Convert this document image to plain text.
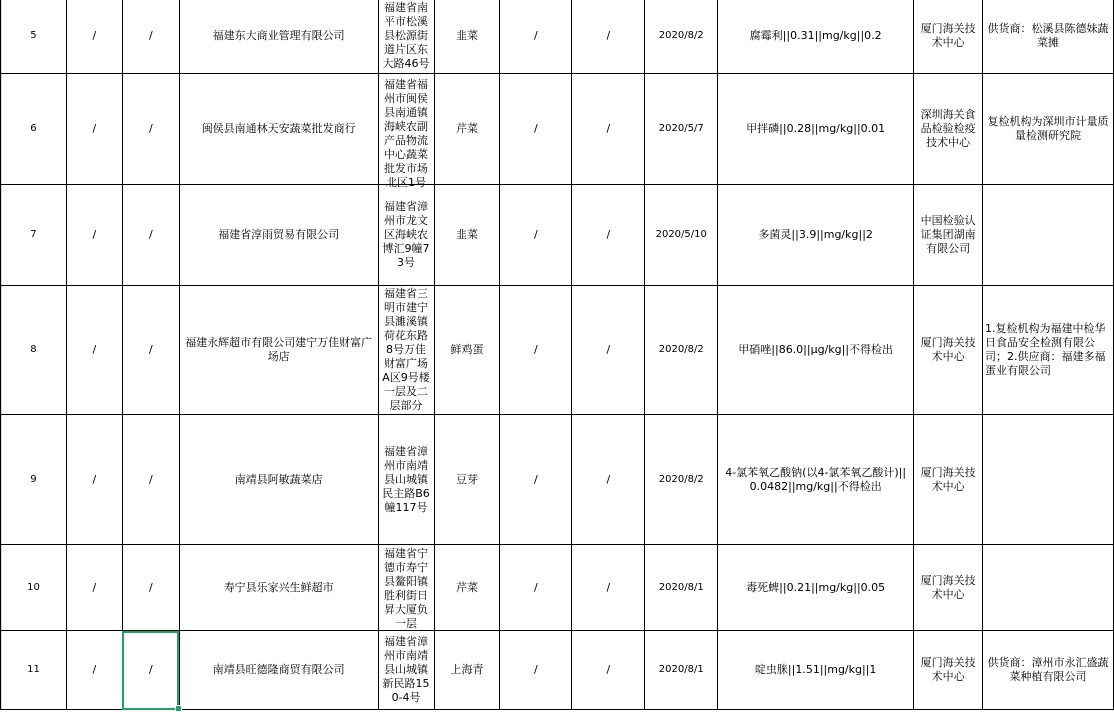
5	/	/	福建东大商业管理有限公司	福建省南平市松溪县松源街道片区东大路46号	韭菜	/	/	2020/8/2	腐霉利||0.31||mg/kg||0.2	厦门海关技术中心	供货商：松溪县陈德妹蔬菜摊
6	/	/	闽侯县南通林天安蔬菜批发商行	福建省福州市闽侯县南通镇海峡农副产品物流中心蔬菜批发市场北区1号	芹菜	/	/	2020/5/7	甲拌磷||0.28||mg/kg||0.01	深圳海关食品检验检疫技术中心	复检机构为深圳市计量质量检测研究院
7	/	/	福建省淳雨贸易有限公司	福建省漳州市龙文区海峡农博汇9幢73号	韭菜	/	/	2020/5/10	多菌灵||3.9||mg/kg||2	中国检验认证集团湖南有限公司	
8	/	/	福建永辉超市有限公司建宁万佳财富广场店	福建省三明市建宁县濉溪镇荷花东路8号万佳财富广场A区9号楼一层及二层部分	鲜鸡蛋	/	/	2020/8/2	甲硝唑||86.0||μg/kg||不得检出	厦门海关技术中心	1.复检机构为福建中检华日食品安全检测有限公司；2.供应商：福建多福蛋业有限公司
9	/	/	南靖县阿敏蔬菜店	福建省漳州市南靖县山城镇民主路B6幢117号	豆芽	/	/	2020/8/2	4-氯苯氧乙酸钠(以4-氯苯氧乙酸计)||0.0482||mg/kg||不得检出	厦门海关技术中心	
10	/	/	寿宁县乐家兴生鲜超市	福建省宁德市寿宁县鳌阳镇胜利街日昇大厦负一层	芹菜	/	/	2020/8/1	毒死蜱||0.21||mg/kg||0.05	厦门海关技术中心	
11	/	/	南靖县旺德隆商贸有限公司	福建省漳州市南靖县山城镇新民路150-4号	上海青	/	/	2020/8/1	啶虫脒||1.51||mg/kg||1	厦门海关技术中心	供货商：漳州市永汇盛蔬菜种植有限公司
